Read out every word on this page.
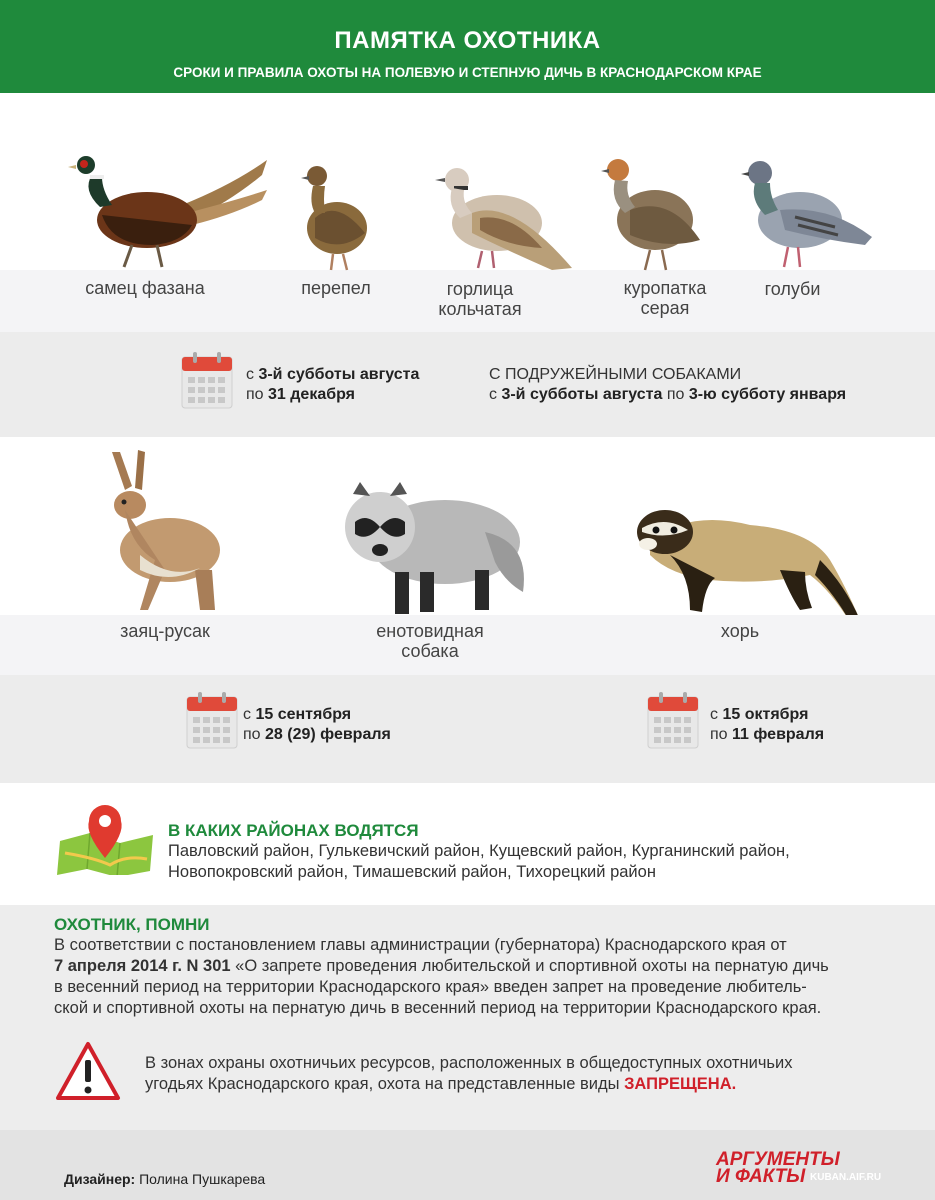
ПАМЯТКА ОХОТНИКА
СРОКИ И ПРАВИЛА ОХОТЫ НА ПОЛЕВУЮ И СТЕПНУЮ ДИЧЬ В КРАСНОДАРСКОМ КРАЕ
самец фазана	перепел	горлица
кольчатая
куропатка
серая
голуби
с 3-й субботы августа
по 31 декабря
С ПОДРУЖЕЙНЫМИ СОБАКАМИ
с 3-й субботы августа по 3-ю субботу января
заяц-русак	енотовидная
собака
хорь
с 15 сентября
по 28 (29) февраля
с 15 октября
по 11 февраля
В КАКИХ РАЙОНАХ ВОДЯТСЯ
Павловский район, Гулькевичский район, Кущевский район, Курганинский район,
Новопокровский район, Тимашевский район, Тихорецкий район
ОХОТНИК, ПОМНИ
В соответствии с постановлением главы администрации (губернатора) Краснодарского края от
7 апреля 2014 г. N 301 «О запрете проведения любительской и спортивной охоты на пернатую дичь
в весенний период на территории Краснодарского края» введен запрет на проведение любитель-
ской и спортивной охоты на пернатую дичь в весенний период на территории Краснодарского края.
В зонах охраны охотничьих ресурсов, расположенных в общедоступных охотничьих
угодьях Краснодарского края, охота на представленные виды ЗАПРЕЩЕНА.
Дизайнер: Полина Пушкарева
АРГУМЕНТЫ
И ФАКТЫ KUBAN.AIF.RU
